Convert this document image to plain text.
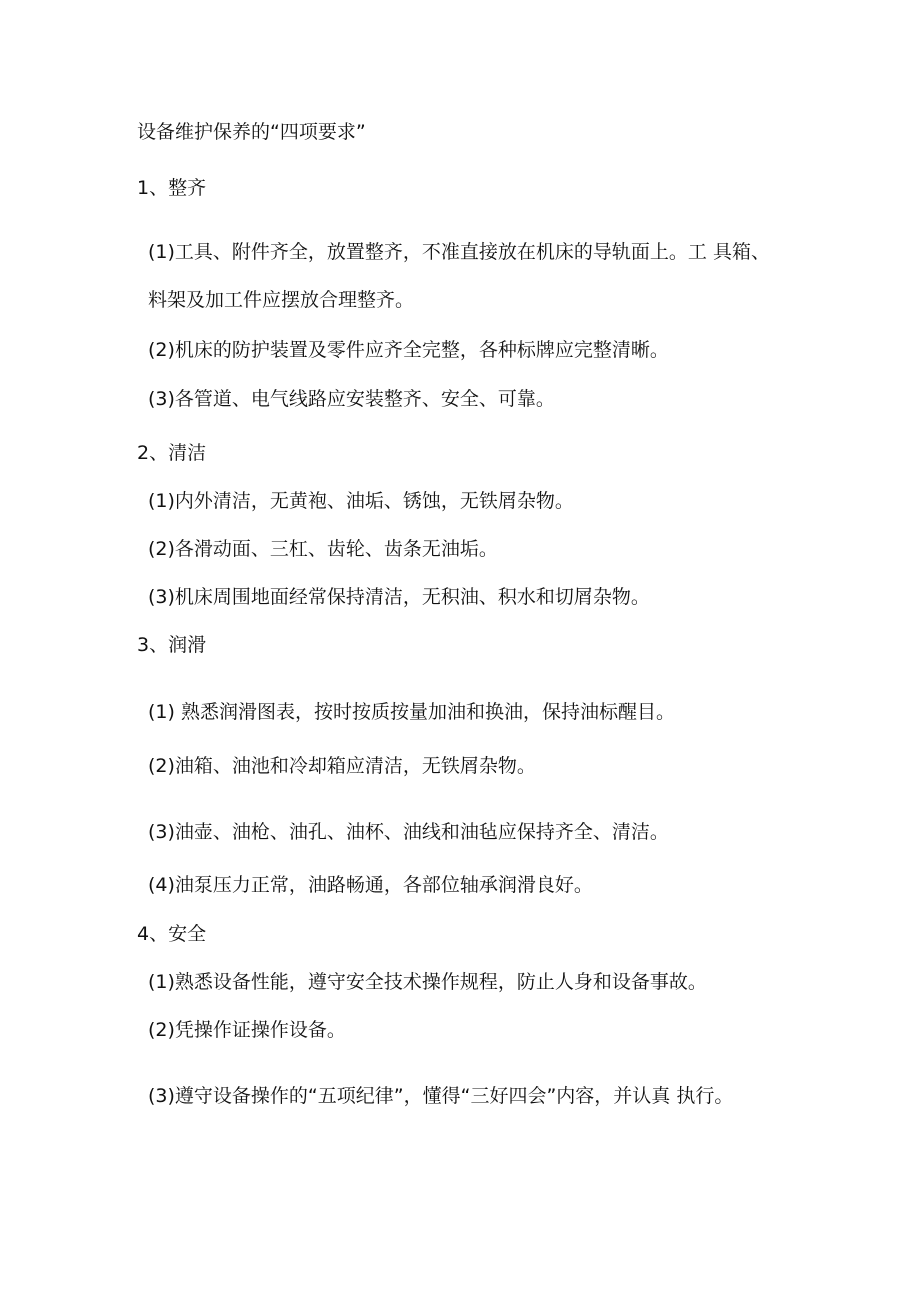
设备维护保养的“四项要求”
1、整齐
(1)工具、附件齐全，放置整齐，不准直接放在机床的导轨面上。工 具箱、料架及加工件应摆放合理整齐。
(2)机床的防护装置及零件应齐全完整，各种标牌应完整清晰。
(3)各管道、电气线路应安装整齐、安全、可靠。
2、清洁
(1)内外清洁，无黄袍、油垢、锈蚀，无铁屑杂物。
(2)各滑动面、三杠、齿轮、齿条无油垢。
(3)机床周围地面经常保持清洁，无积油、积水和切屑杂物。
3、润滑
(1) 熟悉润滑图表，按时按质按量加油和换油，保持油标醒目。
(2)油箱、油池和冷却箱应清洁，无铁屑杂物。
(3)油壶、油枪、油孔、油杯、油线和油毡应保持齐全、清洁。
(4)油泵压力正常，油路畅通，各部位轴承润滑良好。
4、安全
(1)熟悉设备性能，遵守安全技术操作规程，防止人身和设备事故。
(2)凭操作证操作设备。
(3)遵守设备操作的“五项纪律”，懂得“三好四会”内容，并认真 执行。
